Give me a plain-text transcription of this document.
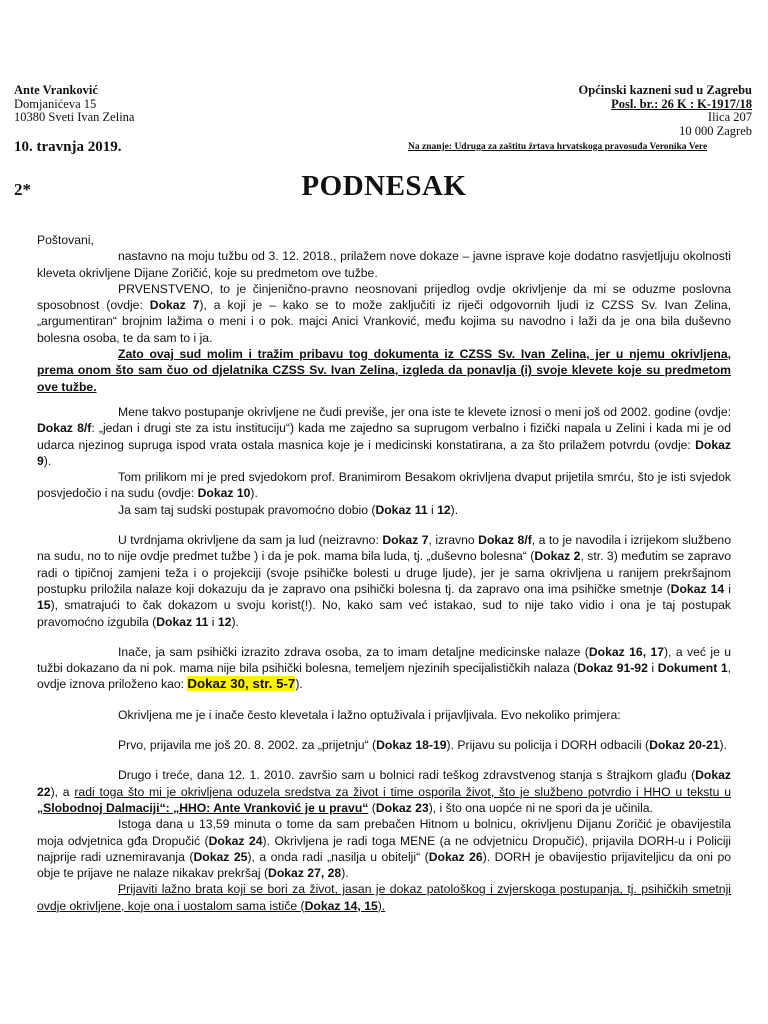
Ante Vranković
Domjanićeva 15
10380 Sveti Ivan Zelina
Općinski kazneni sud u Zagrebu
Posl. br.: 26 K : K-1917/18
Ilica 207
10 000 Zagreb
10. travnja 2019.	Na znanje: Udruga za zaštitu žrtava hrvatskoga pravosuđa Veronika Vere
2*	PODNESAK

Poštovani,

nastavno na moju tužbu od 3. 12. 2018., prilažem nove dokaze – javne isprave koje dodatno rasvjetljuju okolnosti kleveta okrivljene Dijane Zoričić, koje su predmetom ove tužbe.

PRVENSTVENO, to je činjenično-pravno neosnovani prijedlog ovdje okrivljenje da mi se oduzme poslovna sposobnost (ovdje: Dokaz 7), a koji je – kako se to može zaključiti iz riječi odgovornih ljudi iz CZSS Sv. Ivan Zelina, „argumentiran“ brojnim lažima o meni i o pok. majci Anici Vranković, među kojima su navodno i laži da je ona bila duševno bolesna osoba, te da sam to i ja.

Zato ovaj sud molim i tražim pribavu tog dokumenta iz CZSS Sv. Ivan Zelina, jer u njemu okrivljena, prema onom što sam čuo od djelatnika CZSS Sv. Ivan Zelina, izgleda da ponavlja (i) svoje klevete koje su predmetom ove tužbe.

Mene takvo postupanje okrivljene ne čudi previše, jer ona iste te klevete iznosi o meni još od 2002. godine (ovdje: Dokaz 8/f: „jedan i drugi ste za istu instituciju“) kada me zajedno sa suprugom verbalno i fizički napala u Zelini i kada mi je od udarca njezinog supruga ispod vrata ostala masnica koje je i medicinski konstatirana, a za što prilažem potvrdu (ovdje: Dokaz 9).

Tom prilikom mi je pred svjedokom prof. Branimirom Besakom okrivljena dvaput prijetila smrću, što je isti svjedok posvjedočio i na sudu (ovdje: Dokaz 10).

Ja sam taj sudski postupak pravomoćno dobio (Dokaz 11 i 12).

U tvrdnjama okrivljene da sam ja lud (neizravno: Dokaz 7, izravno Dokaz 8/f, a to je navodila i izrijekom službeno na sudu, no to nije ovdje predmet tužbe ) i da je pok. mama bila luda, tj. „duševno bolesna“ (Dokaz 2, str. 3) međutim se zapravo radi o tipičnoj zamjeni teža i o projekciji (svoje psihičke bolesti u druge ljude), jer je sama okrivljena u ranijem prekršajnom postupku priložila nalaze koji dokazuju da je zapravo ona psihički bolesna tj. da zapravo ona ima psihičke smetnje (Dokaz 14 i 15), smatrajući to čak dokazom u svoju korist(!). No, kako sam već istakao, sud to nije tako vidio i ona je taj postupak pravomoćno izgubila (Dokaz 11 i 12).

Inače, ja sam psihički izrazito zdrava osoba, za to imam detaljne medicinske nalaze (Dokaz 16, 17), a već je u tužbi dokazano da ni pok. mama nije bila psihički bolesna, temeljem njezinih specijalističkih nalaza (Dokaz 91-92 i Dokument 1, ovdje iznova priloženo kao: Dokaz 30, str. 5-7).

Okrivljena me je i inače često klevetala i lažno optuživala i prijavljivala. Evo nekoliko primjera:

Prvo, prijavila me još 20. 8. 2002. za „prijetnju“ (Dokaz 18-19). Prijavu su policija i DORH odbacili (Dokaz 20-21).

Drugo i treće, dana 12. 1. 2010. završio sam u bolnici radi teškog zdravstvenog stanja s štrajkom glađu (Dokaz 22), a radi toga što mi je okrivljena oduzela sredstva za život i time osporila život, što je službeno potvrdio i HHO u tekstu u „Slobodnoj Dalmaciji“: „HHO: Ante Vranković je u pravu“ (Dokaz 23), i što ona uopće ni ne spori da je učinila.

Istoga dana u 13,59 minuta o tome da sam prebačen Hitnom u bolnicu, okrivljenu Dijanu Zoričić je obavijestila moja odvjetnica gđa Dropučić (Dokaz 24). Okrivljena je radi toga MENE (a ne odvjetnicu Dropučić), prijavila DORH-u i Policiji najprije radi uznemiravanja (Dokaz 25), a onda radi „nasilja u obitelji“ (Dokaz 26). DORH je obavijestio prijaviteljicu da oni po obje te prijave ne nalaze nikakav prekršaj (Dokaz 27, 28).

Prijaviti lažno brata koji se bori za život, jasan je dokaz patološkog i zvjerskoga postupanja, tj. psihičkih smetnji ovdje okrivljene, koje ona i uostalom sama ističe (Dokaz 14, 15).
